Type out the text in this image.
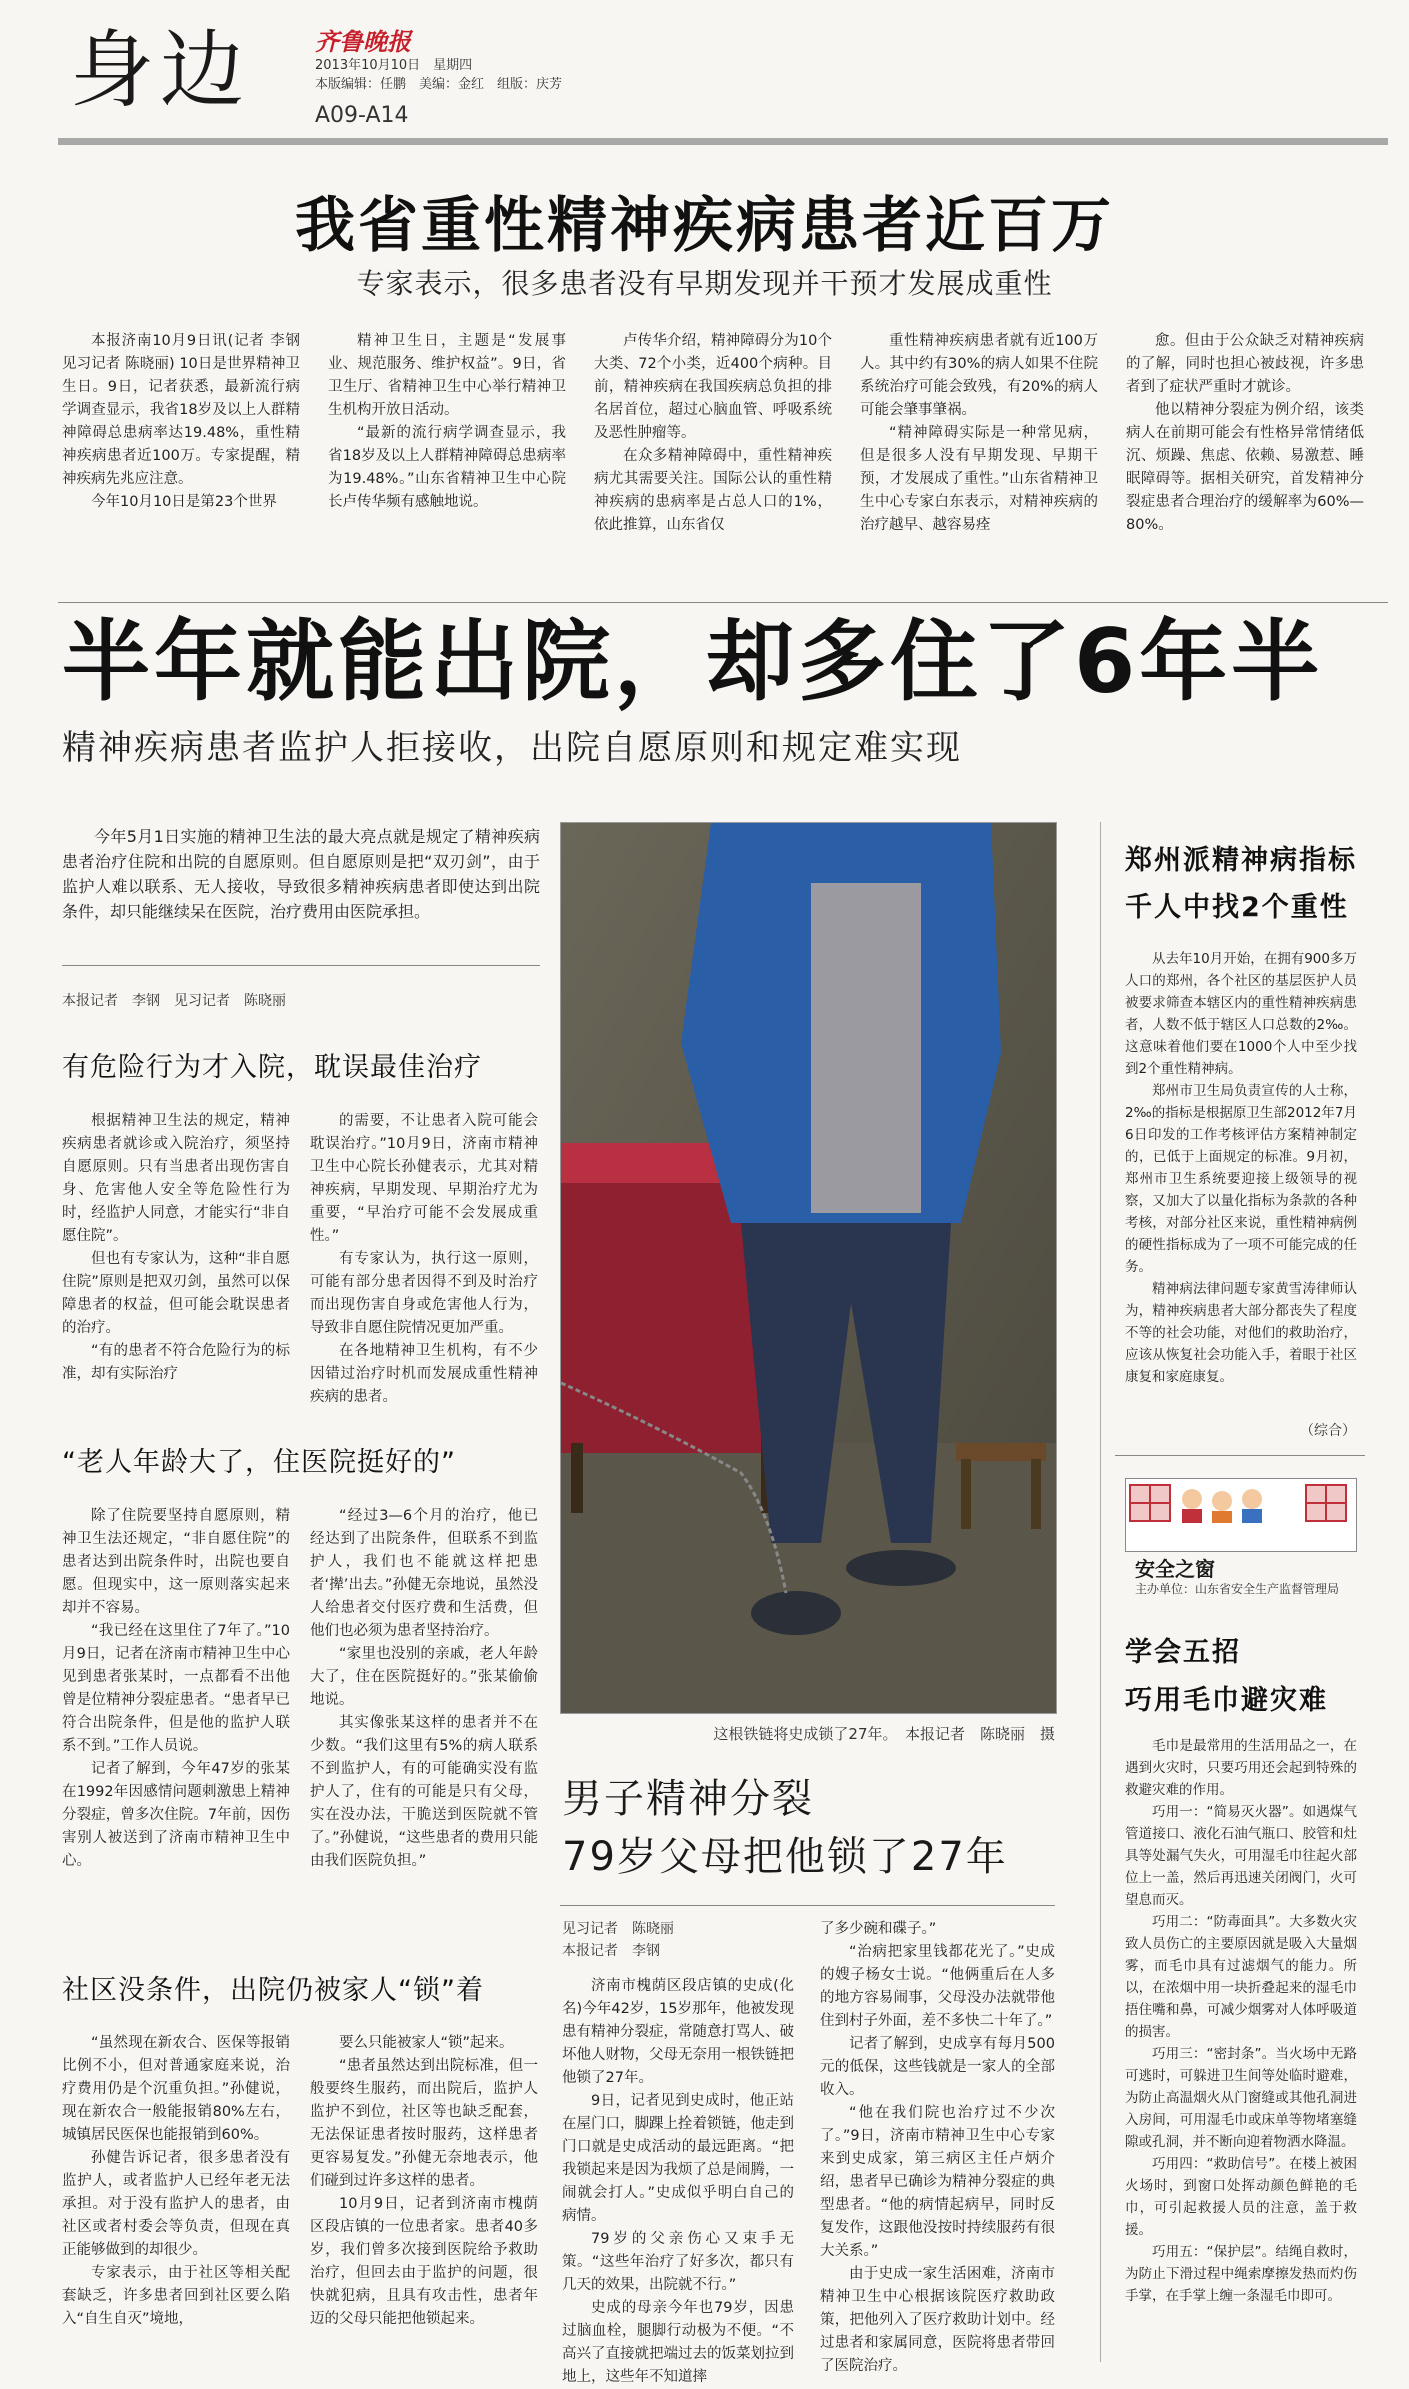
身边	齐鲁晚报
2013年10月10日　星期四
本版编辑：任鹏　美编：金红　组版：庆芳
A09-A14
我省重性精神疾病患者近百万
专家表示，很多患者没有早期发现并干预才发展成重性

本报济南10月9日讯(记者 李钢 见习记者 陈晓丽) 10日是世界精神卫生日。9日，记者获悉，最新流行病学调查显示，我省18岁及以上人群精神障碍总患病率达19.48%，重性精神疾病患者近100万。专家提醒，精神疾病先兆应注意。

今年10月10日是第23个世界

精神卫生日，主题是“发展事业、规范服务、维护权益”。9日，省卫生厅、省精神卫生中心举行精神卫生机构开放日活动。

“最新的流行病学调查显示，我省18岁及以上人群精神障碍总患病率为19.48%。”山东省精神卫生中心院长卢传华频有感触地说。

卢传华介绍，精神障碍分为10个大类、72个小类，近400个病种。目前，精神疾病在我国疾病总负担的排名居首位，超过心脑血管、呼吸系统及恶性肿瘤等。

在众多精神障碍中，重性精神疾病尤其需要关注。国际公认的重性精神疾病的患病率是占总人口的1%，依此推算，山东省仅

重性精神疾病患者就有近100万人。其中约有30%的病人如果不住院系统治疗可能会致残，有20%的病人可能会肇事肇祸。

“精神障碍实际是一种常见病，但是很多人没有早期发现、早期干预，才发展成了重性。”山东省精神卫生中心专家白东表示，对精神疾病的治疗越早、越容易痊

愈。但由于公众缺乏对精神疾病的了解，同时也担心被歧视，许多患者到了症状严重时才就诊。

他以精神分裂症为例介绍，该类病人在前期可能会有性格异常情绪低沉、烦躁、焦虑、依赖、易激惹、睡眠障碍等。据相关研究，首发精神分裂症患者合理治疗的缓解率为60%—80%。

半年就能出院，却多住了6年半
精神疾病患者监护人拒接收，出院自愿原则和规定难实现

今年5月1日实施的精神卫生法的最大亮点就是规定了精神疾病患者治疗住院和出院的自愿原则。但自愿原则是把“双刃剑”，由于监护人难以联系、无人接收，导致很多精神疾病患者即使达到出院条件，却只能继续呆在医院，治疗费用由医院承担。

本报记者　李钢　见习记者　陈晓丽
有危险行为才入院，耽误最佳治疗

根据精神卫生法的规定，精神疾病患者就诊或入院治疗，须坚持自愿原则。只有当患者出现伤害自身、危害他人安全等危险性行为时，经监护人同意，才能实行“非自愿住院”。

但也有专家认为，这种“非自愿住院”原则是把双刃剑，虽然可以保障患者的权益，但可能会耽误患者的治疗。

“有的患者不符合危险行为的标准，却有实际治疗

的需要，不让患者入院可能会耽误治疗。”10月9日，济南市精神卫生中心院长孙健表示，尤其对精神疾病，早期发现、早期治疗尤为重要，“早治疗可能不会发展成重性。”

有专家认为，执行这一原则，可能有部分患者因得不到及时治疗而出现伤害自身或危害他人行为，导致非自愿住院情况更加严重。

在各地精神卫生机构，有不少因错过治疗时机而发展成重性精神疾病的患者。

“老人年龄大了，住医院挺好的”

除了住院要坚持自愿原则，精神卫生法还规定，“非自愿住院”的患者达到出院条件时，出院也要自愿。但现实中，这一原则落实起来却并不容易。

“我已经在这里住了7年了。”10月9日，记者在济南市精神卫生中心见到患者张某时，一点都看不出他曾是位精神分裂症患者。“患者早已符合出院条件，但是他的监护人联系不到。”工作人员说。

记者了解到，今年47岁的张某在1992年因感情问题刺激患上精神分裂症，曾多次住院。7年前，因伤害别人被送到了济南市精神卫生中心。

“经过3—6个月的治疗，他已经达到了出院条件，但联系不到监护人，我们也不能就这样把患者‘撵’出去。”孙健无奈地说，虽然没人给患者交付医疗费和生活费，但他们也必须为患者坚持治疗。

“家里也没别的亲戚，老人年龄大了，住在医院挺好的。”张某偷偷地说。

其实像张某这样的患者并不在少数。“我们这里有5%的病人联系不到监护人，有的可能确实没有监护人了，住有的可能是只有父母，实在没办法，干脆送到医院就不管了。”孙健说，“这些患者的费用只能由我们医院负担。”

社区没条件，出院仍被家人“锁”着

“虽然现在新农合、医保等报销比例不小，但对普通家庭来说，治疗费用仍是个沉重负担。”孙健说，现在新农合一般能报销80%左右，城镇居民医保也能报销到60%。

孙健告诉记者，很多患者没有监护人，或者监护人已经年老无法承担。对于没有监护人的患者，由社区或者村委会等负责，但现在真正能够做到的却很少。

专家表示，由于社区等相关配套缺乏，许多患者回到社区要么陷入“自生自灭”境地，

要么只能被家人“锁”起来。

“患者虽然达到出院标准，但一般要终生服药，而出院后，监护人监护不到位，社区等也缺乏配套，无法保证患者按时服药，这样患者更容易复发。”孙健无奈地表示，他们碰到过许多这样的患者。

10月9日，记者到济南市槐荫区段店镇的一位患者家。患者40多岁，我们曾多次接到医院给予救助治疗，但回去由于监护的问题，很快就犯病，且具有攻击性，患者年迈的父母只能把他锁起来。

这根铁链将史成锁了27年。　本报记者　陈晓丽　摄
男子精神分裂
79岁父母把他锁了27年
见习记者　陈晓丽
本报记者　李钢

济南市槐荫区段店镇的史成(化名)今年42岁，15岁那年，他被发现患有精神分裂症，常随意打骂人、破坏他人财物，父母无奈用一根铁链把他锁了27年。

9日，记者见到史成时，他正站在屋门口，脚踝上拴着锁链，他走到门口就是史成活动的最远距离。“把我锁起来是因为我烦了总是闹腾，一闹就会打人。”史成似乎明白自己的病情。

79岁的父亲伤心又束手无策。“这些年治疗了好多次，都只有几天的效果，出院就不行。”

史成的母亲今年也79岁，因患过脑血栓，腿脚行动极为不便。“不高兴了直接就把端过去的饭菜划拉到地上，这些年不知道摔

了多少碗和碟子。”

“治病把家里钱都花光了。”史成的嫂子杨女士说。“他俩重后在人多的地方容易闹事，父母没办法就带他住到村子外面，差不多快二十年了。”

记者了解到，史成享有每月500元的低保，这些钱就是一家人的全部收入。

“他在我们院也治疗过不少次了。”9日，济南市精神卫生中心专家来到史成家，第三病区主任卢炳介绍，患者早已确诊为精神分裂症的典型患者。“他的病情起病早，同时反复发作，这跟他没按时持续服药有很大关系。”

由于史成一家生活困难，济南市精神卫生中心根据该院医疗救助政策，把他列入了医疗救助计划中。经过患者和家属同意，医院将患者带回了医院治疗。

郑州派精神病指标
千人中找2个重性

从去年10月开始，在拥有900多万人口的郑州，各个社区的基层医护人员被要求筛查本辖区内的重性精神疾病患者，人数不低于辖区人口总数的2‰。这意味着他们要在1000个人中至少找到2个重性精神病。

郑州市卫生局负责宣传的人士称，2‰的指标是根据原卫生部2012年7月6日印发的工作考核评估方案精神制定的，已低于上面规定的标准。9月初，郑州市卫生系统要迎接上级领导的视察，又加大了以量化指标为条款的各种考核，对部分社区来说，重性精神病例的硬性指标成为了一项不可能完成的任务。

精神病法律问题专家黄雪涛律师认为，精神疾病患者大部分都丧失了程度不等的社会功能，对他们的救助治疗，应该从恢复社会功能入手，着眼于社区康复和家庭康复。

（综合）
安全之窗
主办单位：山东省安全生产监督管理局
学会五招
巧用毛巾避灾难

毛巾是最常用的生活用品之一，在遇到火灾时，只要巧用还会起到特殊的救避灾难的作用。

巧用一：“简易灭火器”。如遇煤气管道接口、液化石油气瓶口、胶管和灶具等处漏气失火，可用湿毛巾往起火部位上一盖，然后再迅速关闭阀门，火可望息而灭。

巧用二：“防毒面具”。大多数火灾致人员伤亡的主要原因就是吸入大量烟雾，而毛巾具有过滤烟气的能力。所以，在浓烟中用一块折叠起来的湿毛巾捂住嘴和鼻，可减少烟雾对人体呼吸道的损害。

巧用三：“密封条”。当火场中无路可逃时，可躲进卫生间等处临时避难，为防止高温烟火从门窗缝或其他孔洞进入房间，可用湿毛巾或床单等物堵塞缝隙或孔洞，并不断向迎着物洒水降温。

巧用四：“救助信号”。在楼上被困火场时，到窗口处挥动颜色鲜艳的毛巾，可引起救援人员的注意，盖于救援。

巧用五：“保护层”。结绳自救时，为防止下滑过程中绳索摩擦发热而灼伤手掌，在手掌上缠一条湿毛巾即可。
